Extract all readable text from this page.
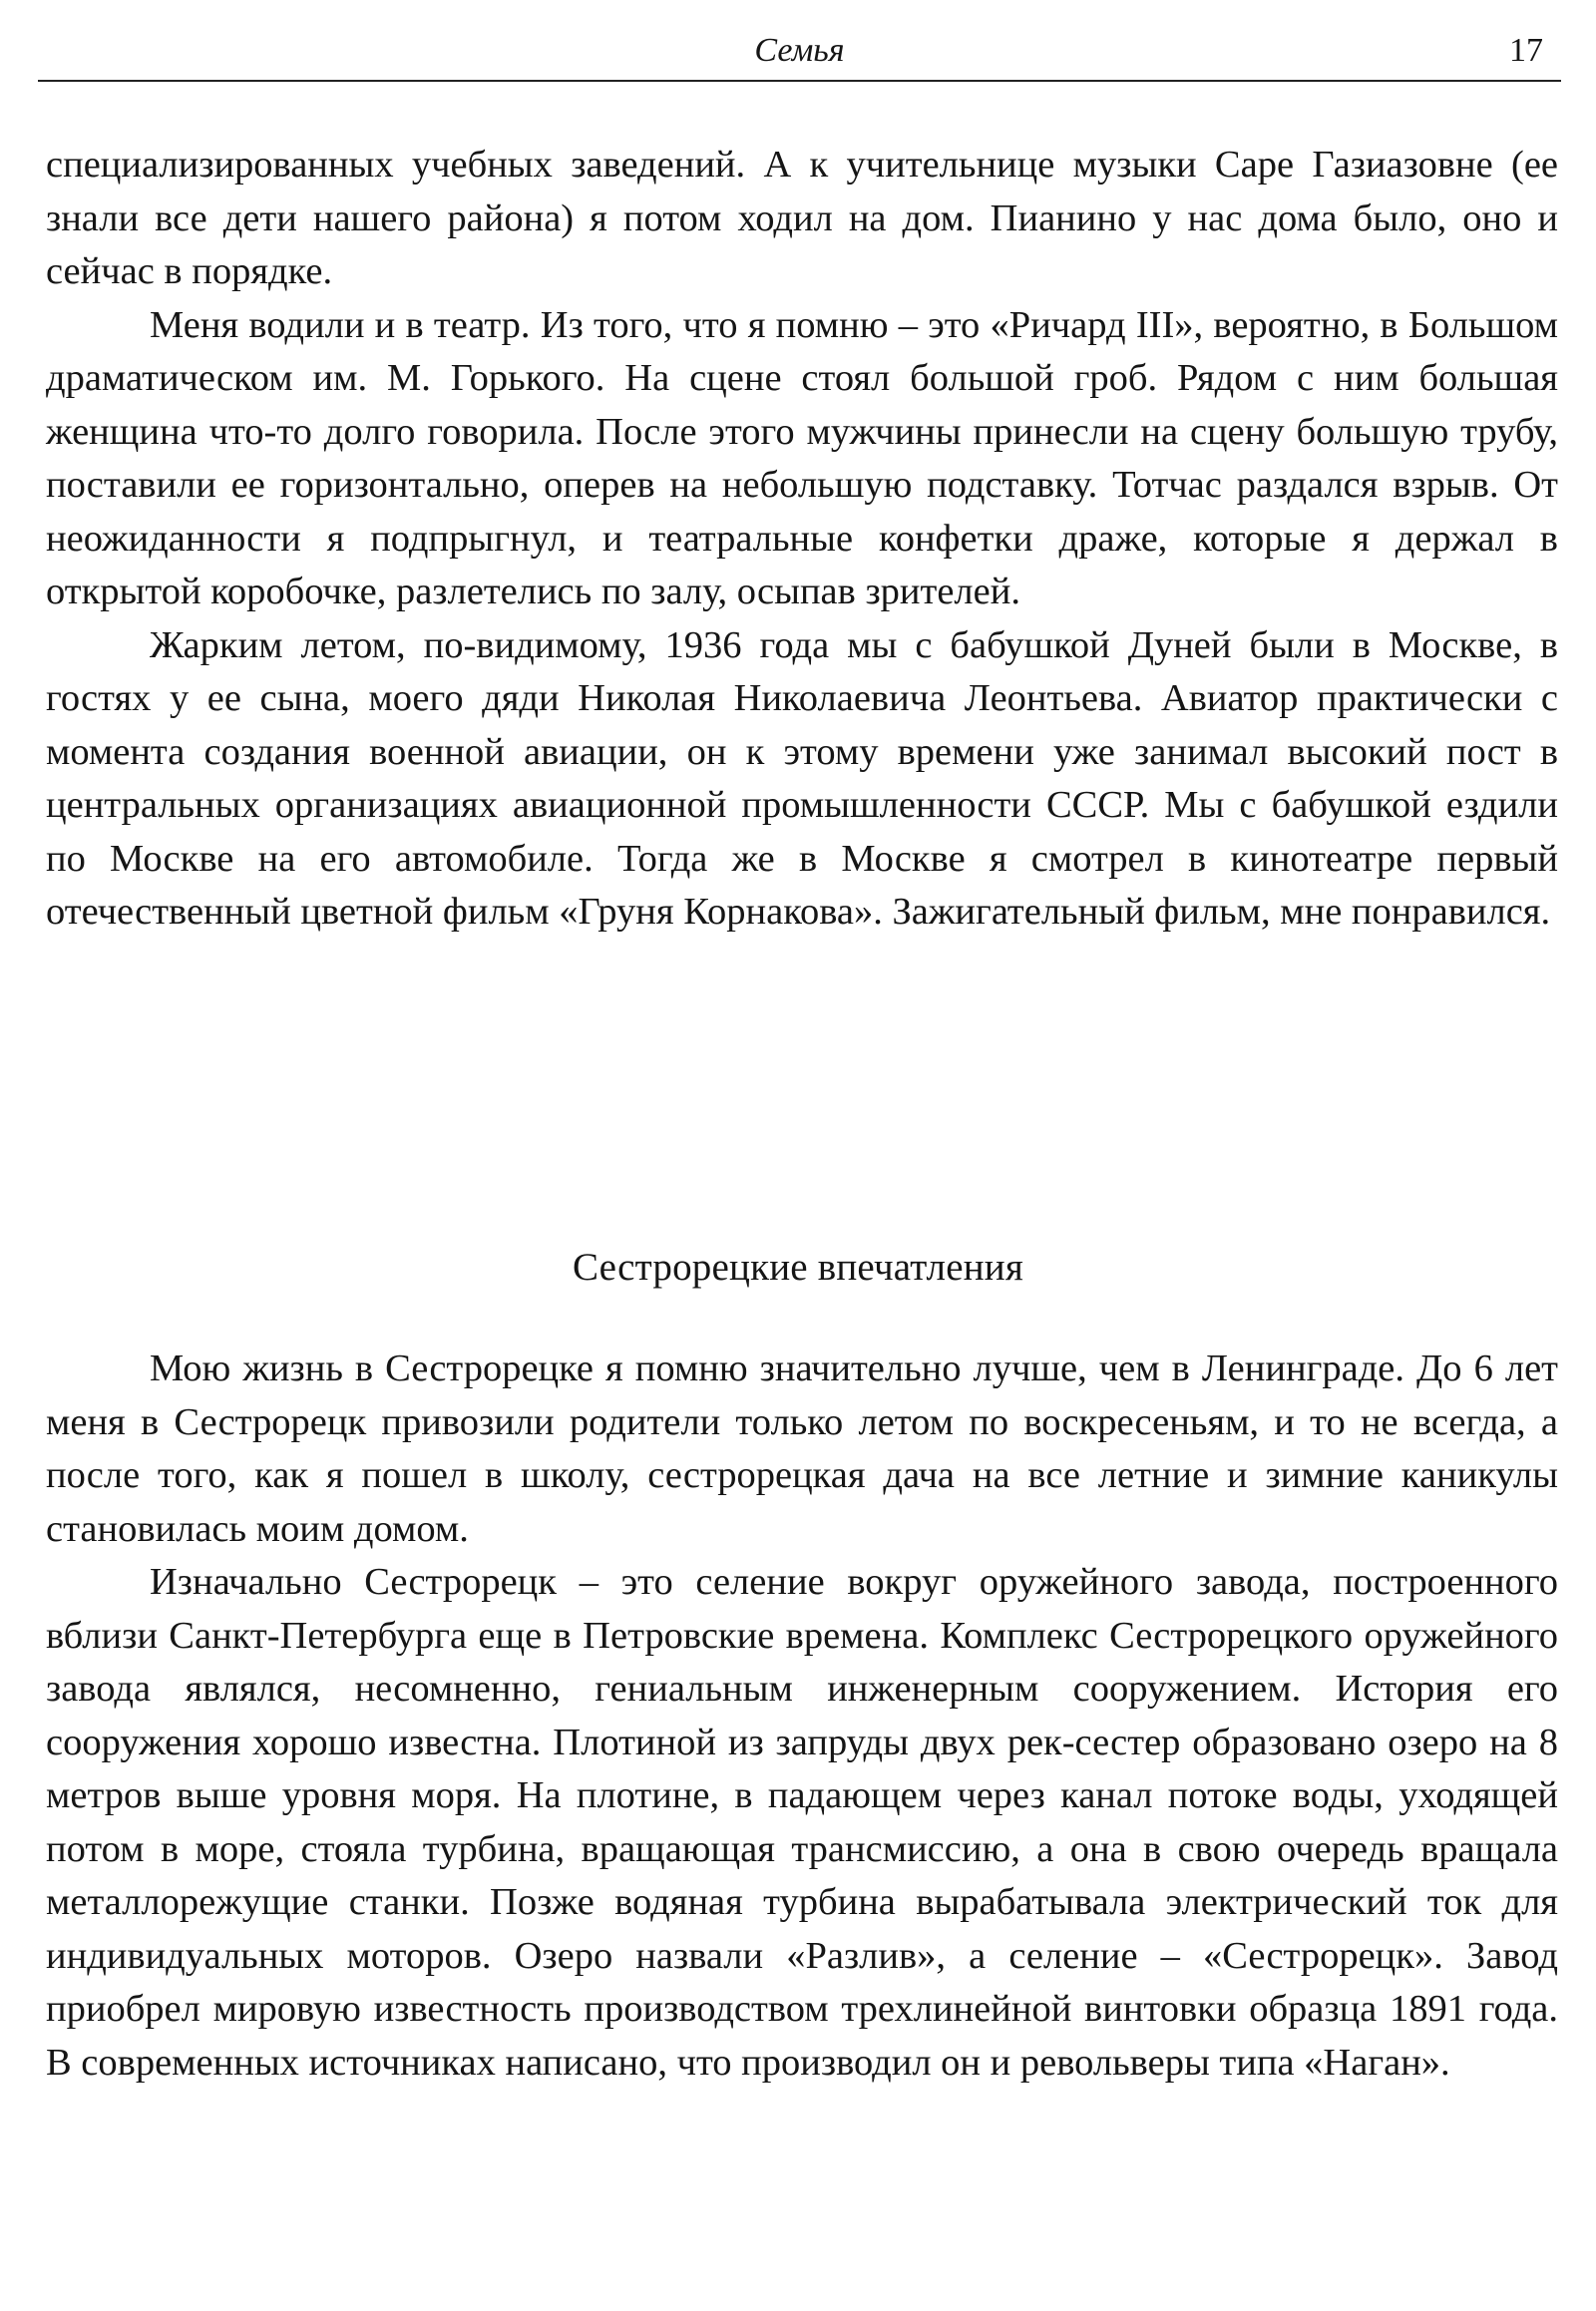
Семья	17

специализированных учебных заведений. А к учительнице музыки Саре Газиазовне (ее знали все дети нашего района) я потом ходил на дом. Пианино у нас дома было, оно и сейчас в порядке.

Меня водили и в театр. Из того, что я помню – это «Ричард III», вероятно, в Большом драматическом им. М. Горького. На сцене стоял большой гроб. Рядом с ним большая женщина что-то долго говорила. После этого мужчины принесли на сцену большую трубу, поставили ее горизонтально, оперев на небольшую подставку. Тотчас раздался взрыв. От неожиданности я подпрыгнул, и театральные конфетки драже, которые я держал в открытой коробочке, разлетелись по залу, осыпав зрителей.

Жарким летом, по-видимому, 1936 года мы с бабушкой Дуней были в Москве, в гостях у ее сына, моего дяди Николая Николаевича Леонтьева. Авиатор практически с момента создания военной авиации, он к этому времени уже занимал высокий пост в центральных организациях авиационной промышленности СССР. Мы с бабушкой ездили по Москве на его автомобиле. Тогда же в Москве я смотрел в кинотеатре первый отечественный цветной фильм «Груня Корнакова». Зажигательный фильм, мне понравился.

Сестрорецкие впечатления

Мою жизнь в Сестрорецке я помню значительно лучше, чем в Ленинграде. До 6 лет меня в Сестрорецк привозили родители только летом по воскресеньям, и то не всегда, а после того, как я пошел в школу, сестрорецкая дача на все летние и зимние каникулы становилась моим домом.

Изначально Сестрорецк – это селение вокруг оружейного завода, построенного вблизи Санкт-Петербурга еще в Петровские времена. Комплекс Сестрорецкого оружейного завода являлся, несомненно, гениальным инженерным сооружением. История его сооружения хорошо известна. Плотиной из запруды двух рек-сестер образовано озеро на 8 метров выше уровня моря. На плотине, в падающем через канал потоке воды, уходящей потом в море, стояла турбина, вращающая трансмиссию, а она в свою очередь вращала металлорежущие станки. Позже водяная турбина вырабатывала электрический ток для индивидуальных моторов. Озеро назвали «Разлив», а селение – «Сестрорецк». Завод приобрел мировую известность производством трехлинейной винтовки образца 1891 года. В современных источниках написано, что производил он и револьверы типа «Наган».
